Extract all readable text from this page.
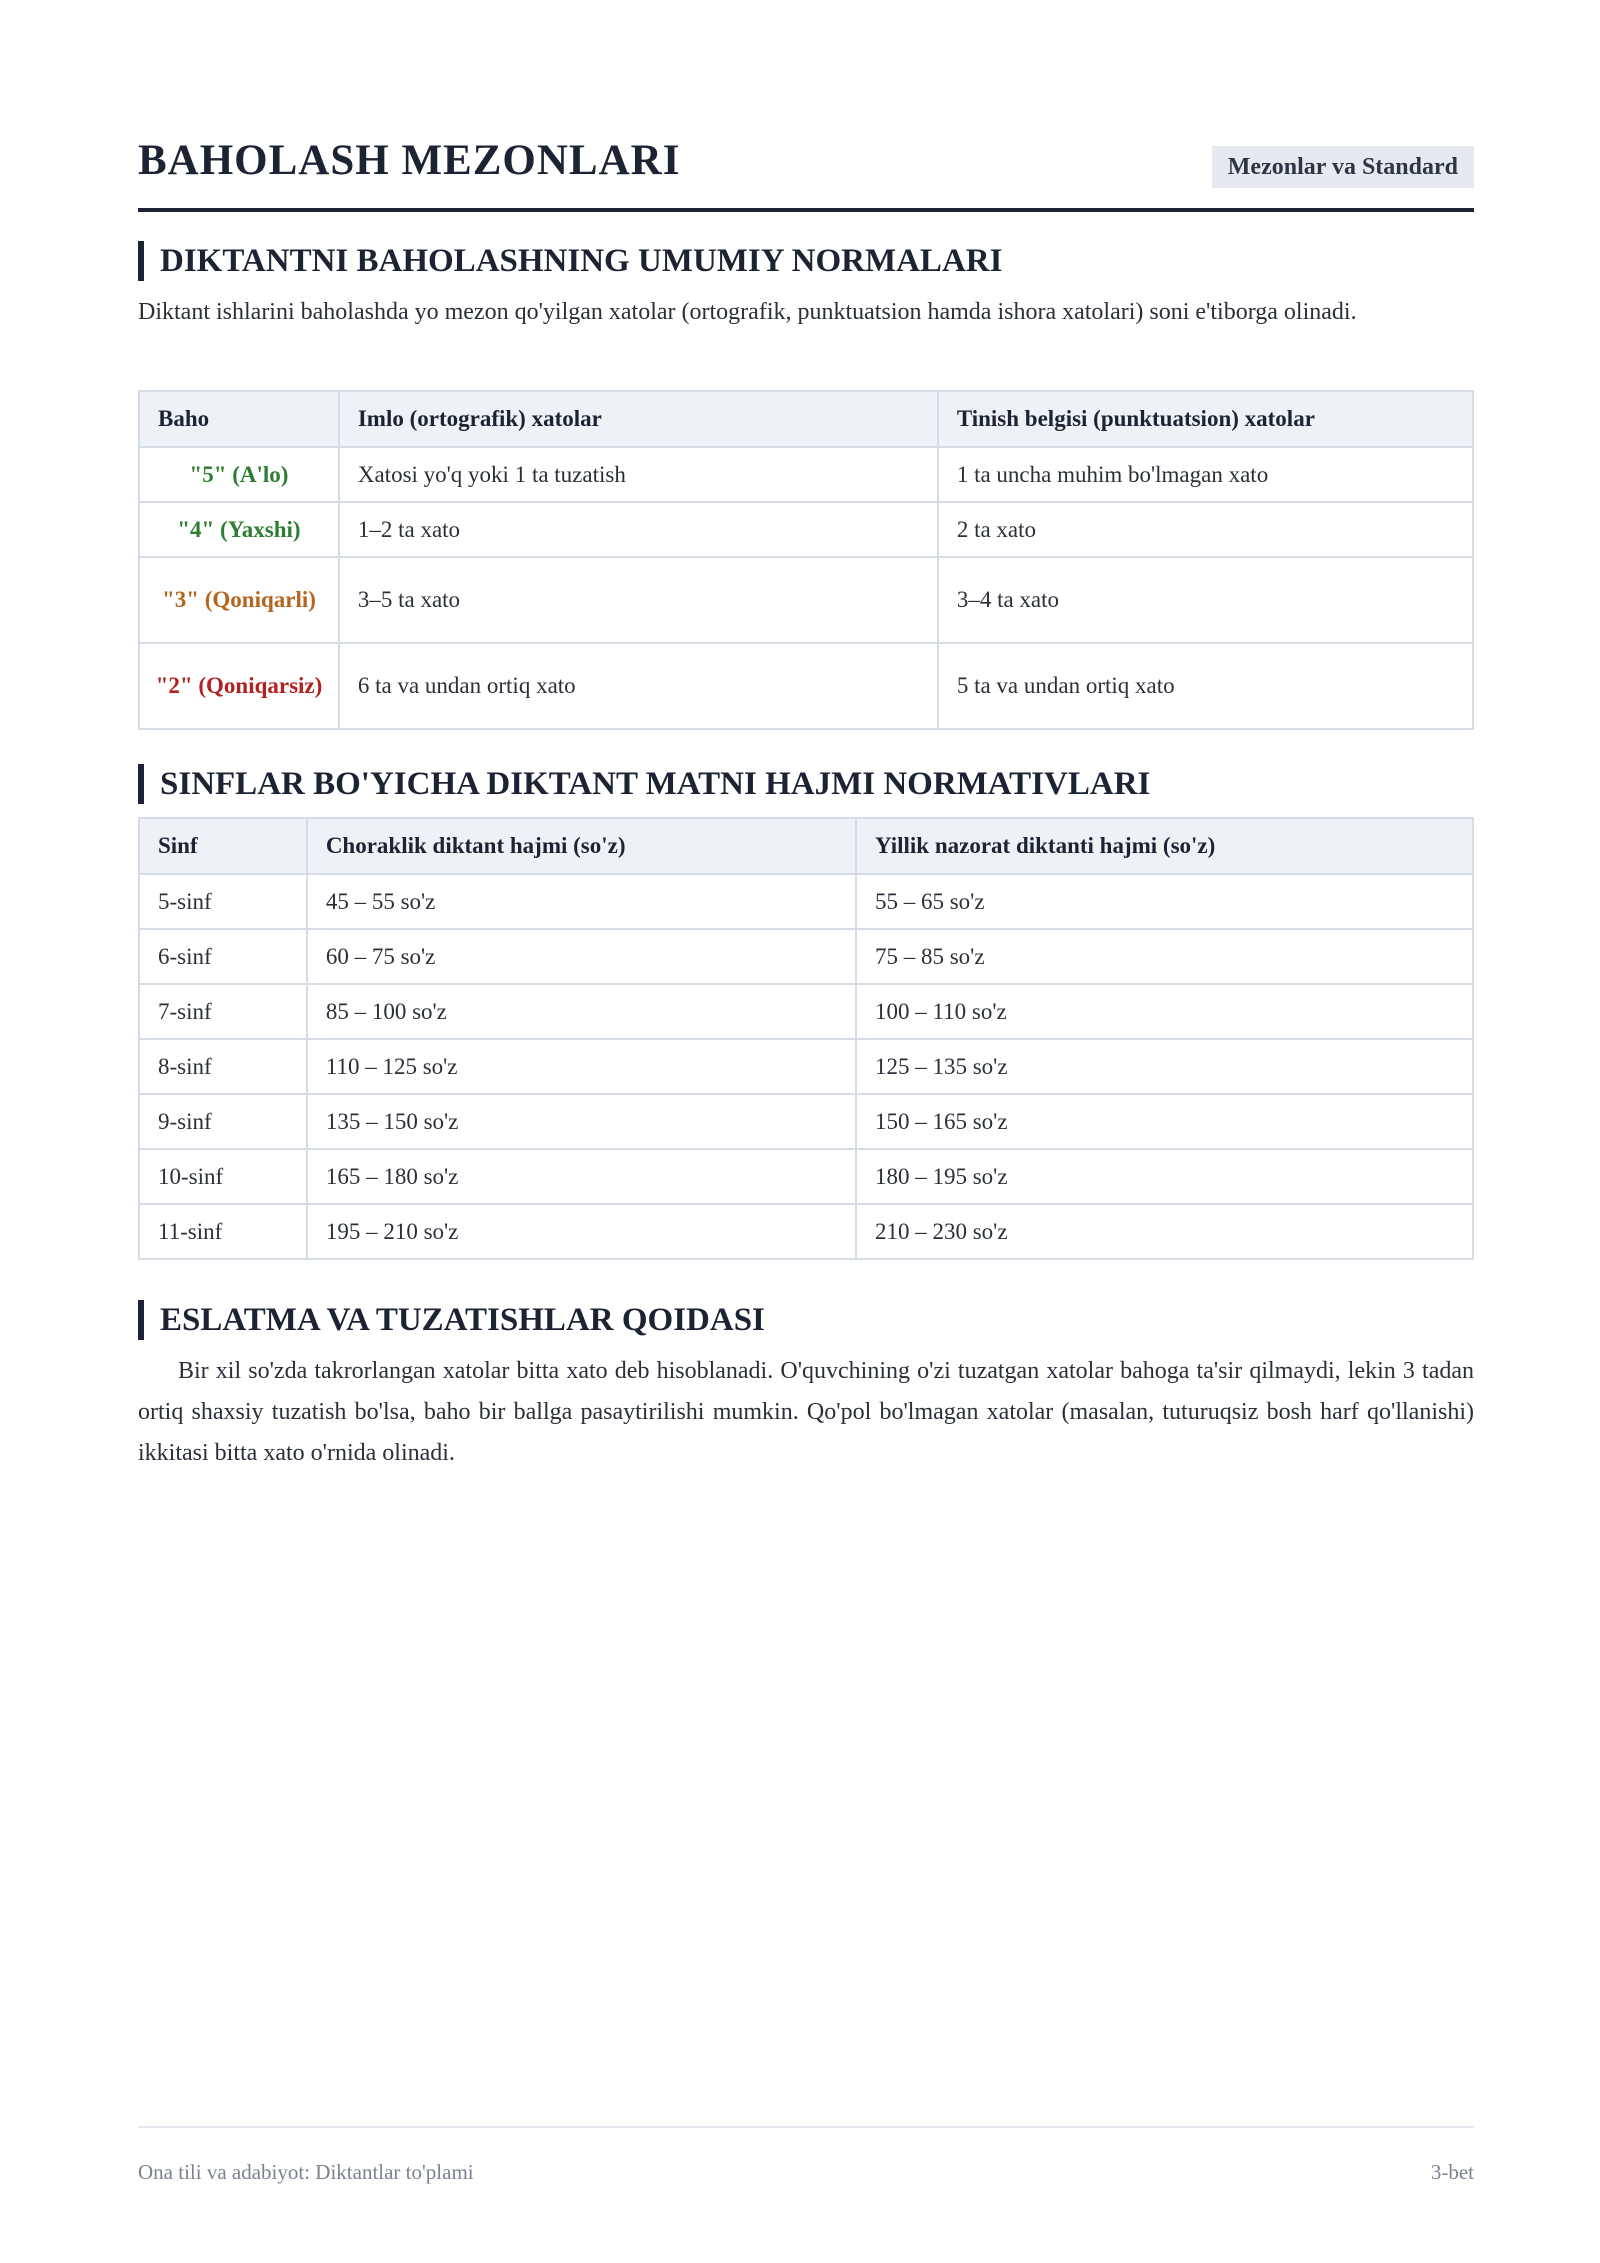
BAHOLASH MEZONLARI	Mezonlar va Standard
DIKTANTNI BAHOLASHNING UMUMIY NORMALARI

Diktant ishlarini baholashda yo mezon qo'yilgan xatolar (ortografik, punktuatsion hamda ishora xatolari) soni e'tiborga olinadi.

Baho	Imlo (ortografik) xatolar	Tinish belgisi (punktuatsion) xatolar
"5" (A'lo)	Xatosi yo'q yoki 1 ta tuzatish	1 ta uncha muhim bo'lmagan xato
"4" (Yaxshi)	1–2 ta xato	2 ta xato
"3" (Qoniqarli)	3–5 ta xato	3–4 ta xato
"2" (Qoniqarsiz)	6 ta va undan ortiq xato	5 ta va undan ortiq xato
SINFLAR BO'YICHA DIKTANT MATNI HAJMI NORMATIVLARI
Sinf	Choraklik diktant hajmi (so'z)	Yillik nazorat diktanti hajmi (so'z)
5-sinf	45 – 55 so'z	55 – 65 so'z
6-sinf	60 – 75 so'z	75 – 85 so'z
7-sinf	85 – 100 so'z	100 – 110 so'z
8-sinf	110 – 125 so'z	125 – 135 so'z
9-sinf	135 – 150 so'z	150 – 165 so'z
10-sinf	165 – 180 so'z	180 – 195 so'z
11-sinf	195 – 210 so'z	210 – 230 so'z
ESLATMA VA TUZATISHLAR QOIDASI

Bir xil so'zda takrorlangan xatolar bitta xato deb hisoblanadi. O'quvchining o'zi tuzatgan xatolar bahoga ta'sir qilmaydi, lekin 3 tadan ortiq shaxsiy tuzatish bo'lsa, baho bir ballga pasaytirilishi mumkin. Qo'pol bo'lmagan xatolar (masalan, tuturuqsiz bosh harf qo'llanishi) ikkitasi bitta xato o'rnida olinadi.

Ona tili va adabiyot: Diktantlar to'plami	3-bet
